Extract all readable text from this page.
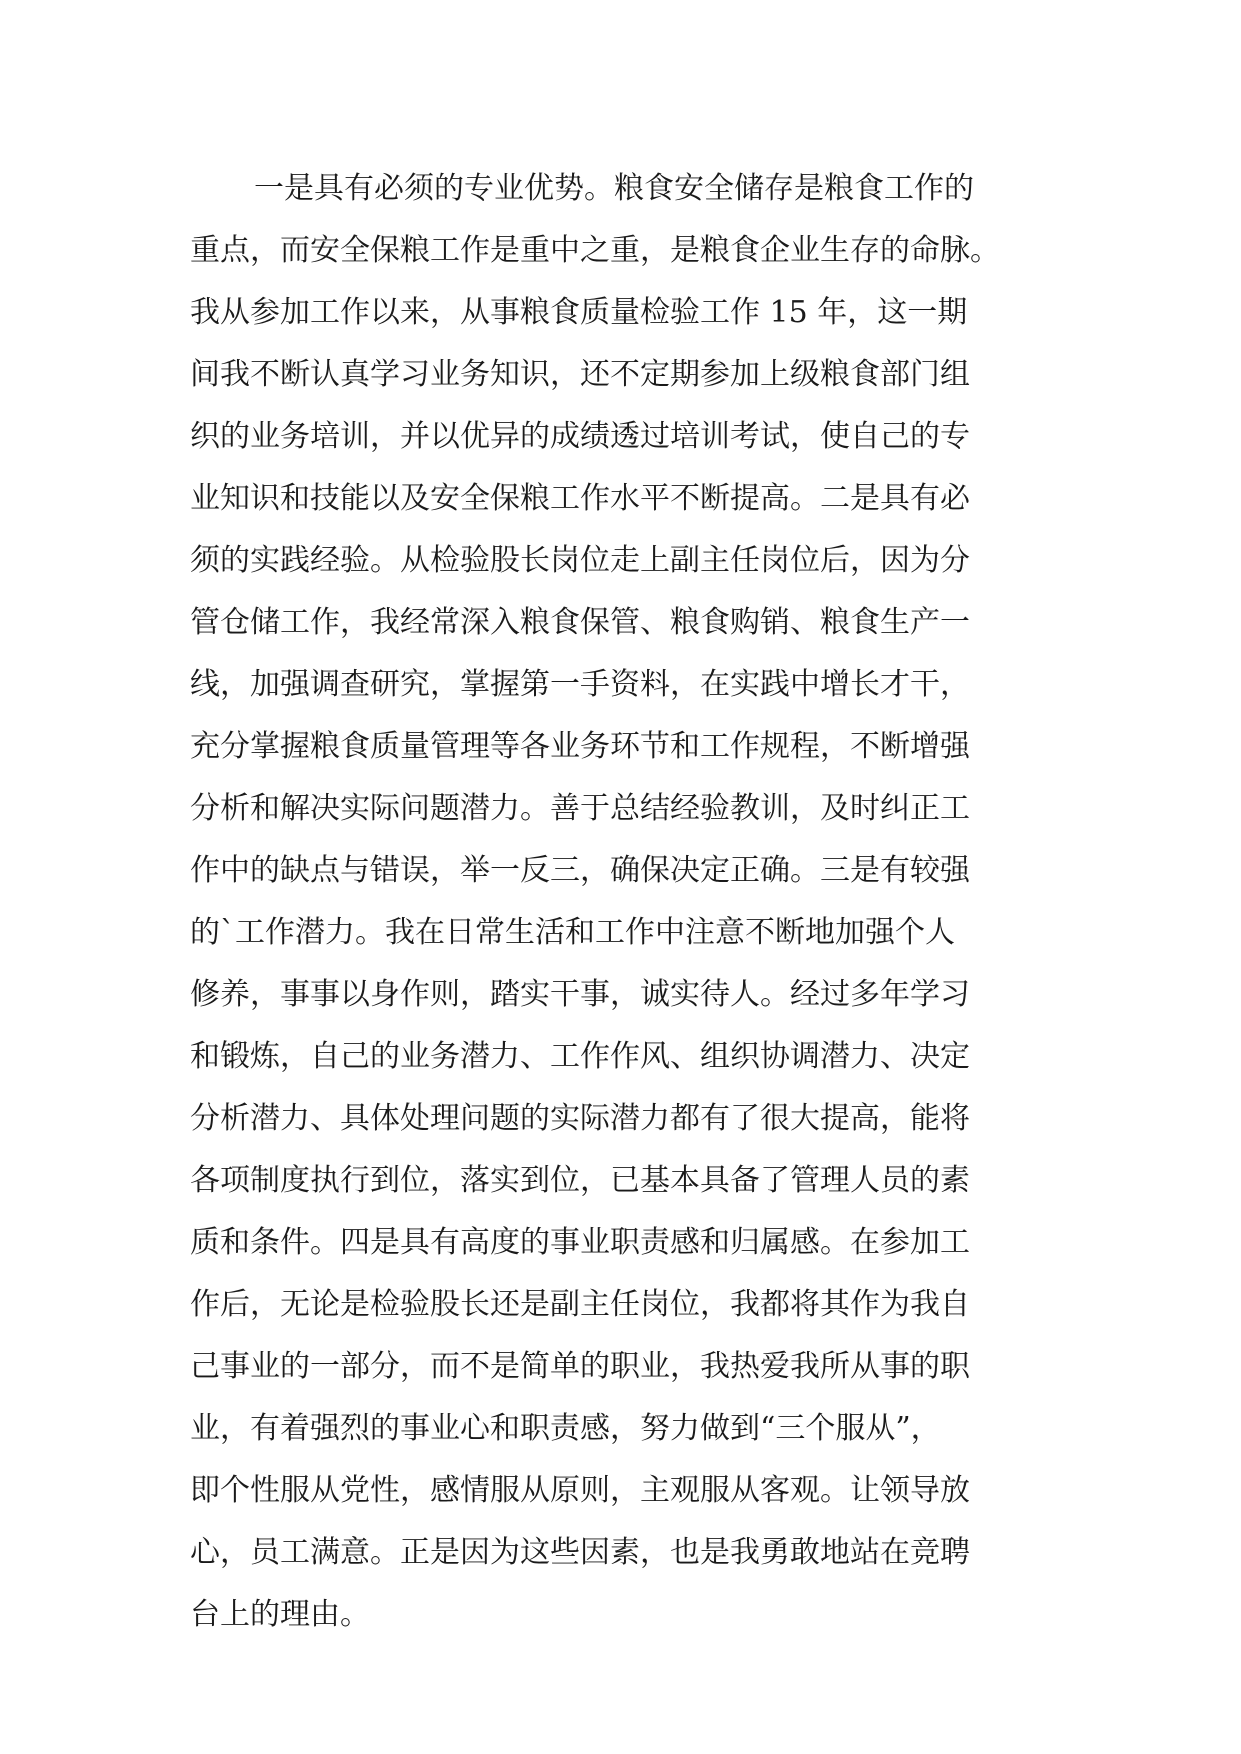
一是具有必须的专业优势。粮食安全储存是粮食工作的
重点，而安全保粮工作是重中之重，是粮食企业生存的命脉。
我从参加工作以来，从事粮食质量检验工作 15 年，这一期
间我不断认真学习业务知识，还不定期参加上级粮食部门组
织的业务培训，并以优异的成绩透过培训考试，使自己的专
业知识和技能以及安全保粮工作水平不断提高。二是具有必
须的实践经验。从检验股长岗位走上副主任岗位后，因为分
管仓储工作，我经常深入粮食保管、粮食购销、粮食生产一
线，加强调查研究，掌握第一手资料，在实践中增长才干，
充分掌握粮食质量管理等各业务环节和工作规程，不断增强
分析和解决实际问题潜力。善于总结经验教训，及时纠正工
作中的缺点与错误，举一反三，确保决定正确。三是有较强
的`工作潜力。我在日常生活和工作中注意不断地加强个人
修养，事事以身作则，踏实干事，诚实待人。经过多年学习
和锻炼，自己的业务潜力、工作作风、组织协调潜力、决定
分析潜力、具体处理问题的实际潜力都有了很大提高，能将
各项制度执行到位，落实到位，已基本具备了管理人员的素
质和条件。四是具有高度的事业职责感和归属感。在参加工
作后，无论是检验股长还是副主任岗位，我都将其作为我自
己事业的一部分，而不是简单的职业，我热爱我所从事的职
业，有着强烈的事业心和职责感，努力做到“三个服从”，
即个性服从党性，感情服从原则，主观服从客观。让领导放
心，员工满意。正是因为这些因素，也是我勇敢地站在竞聘
台上的理由。
